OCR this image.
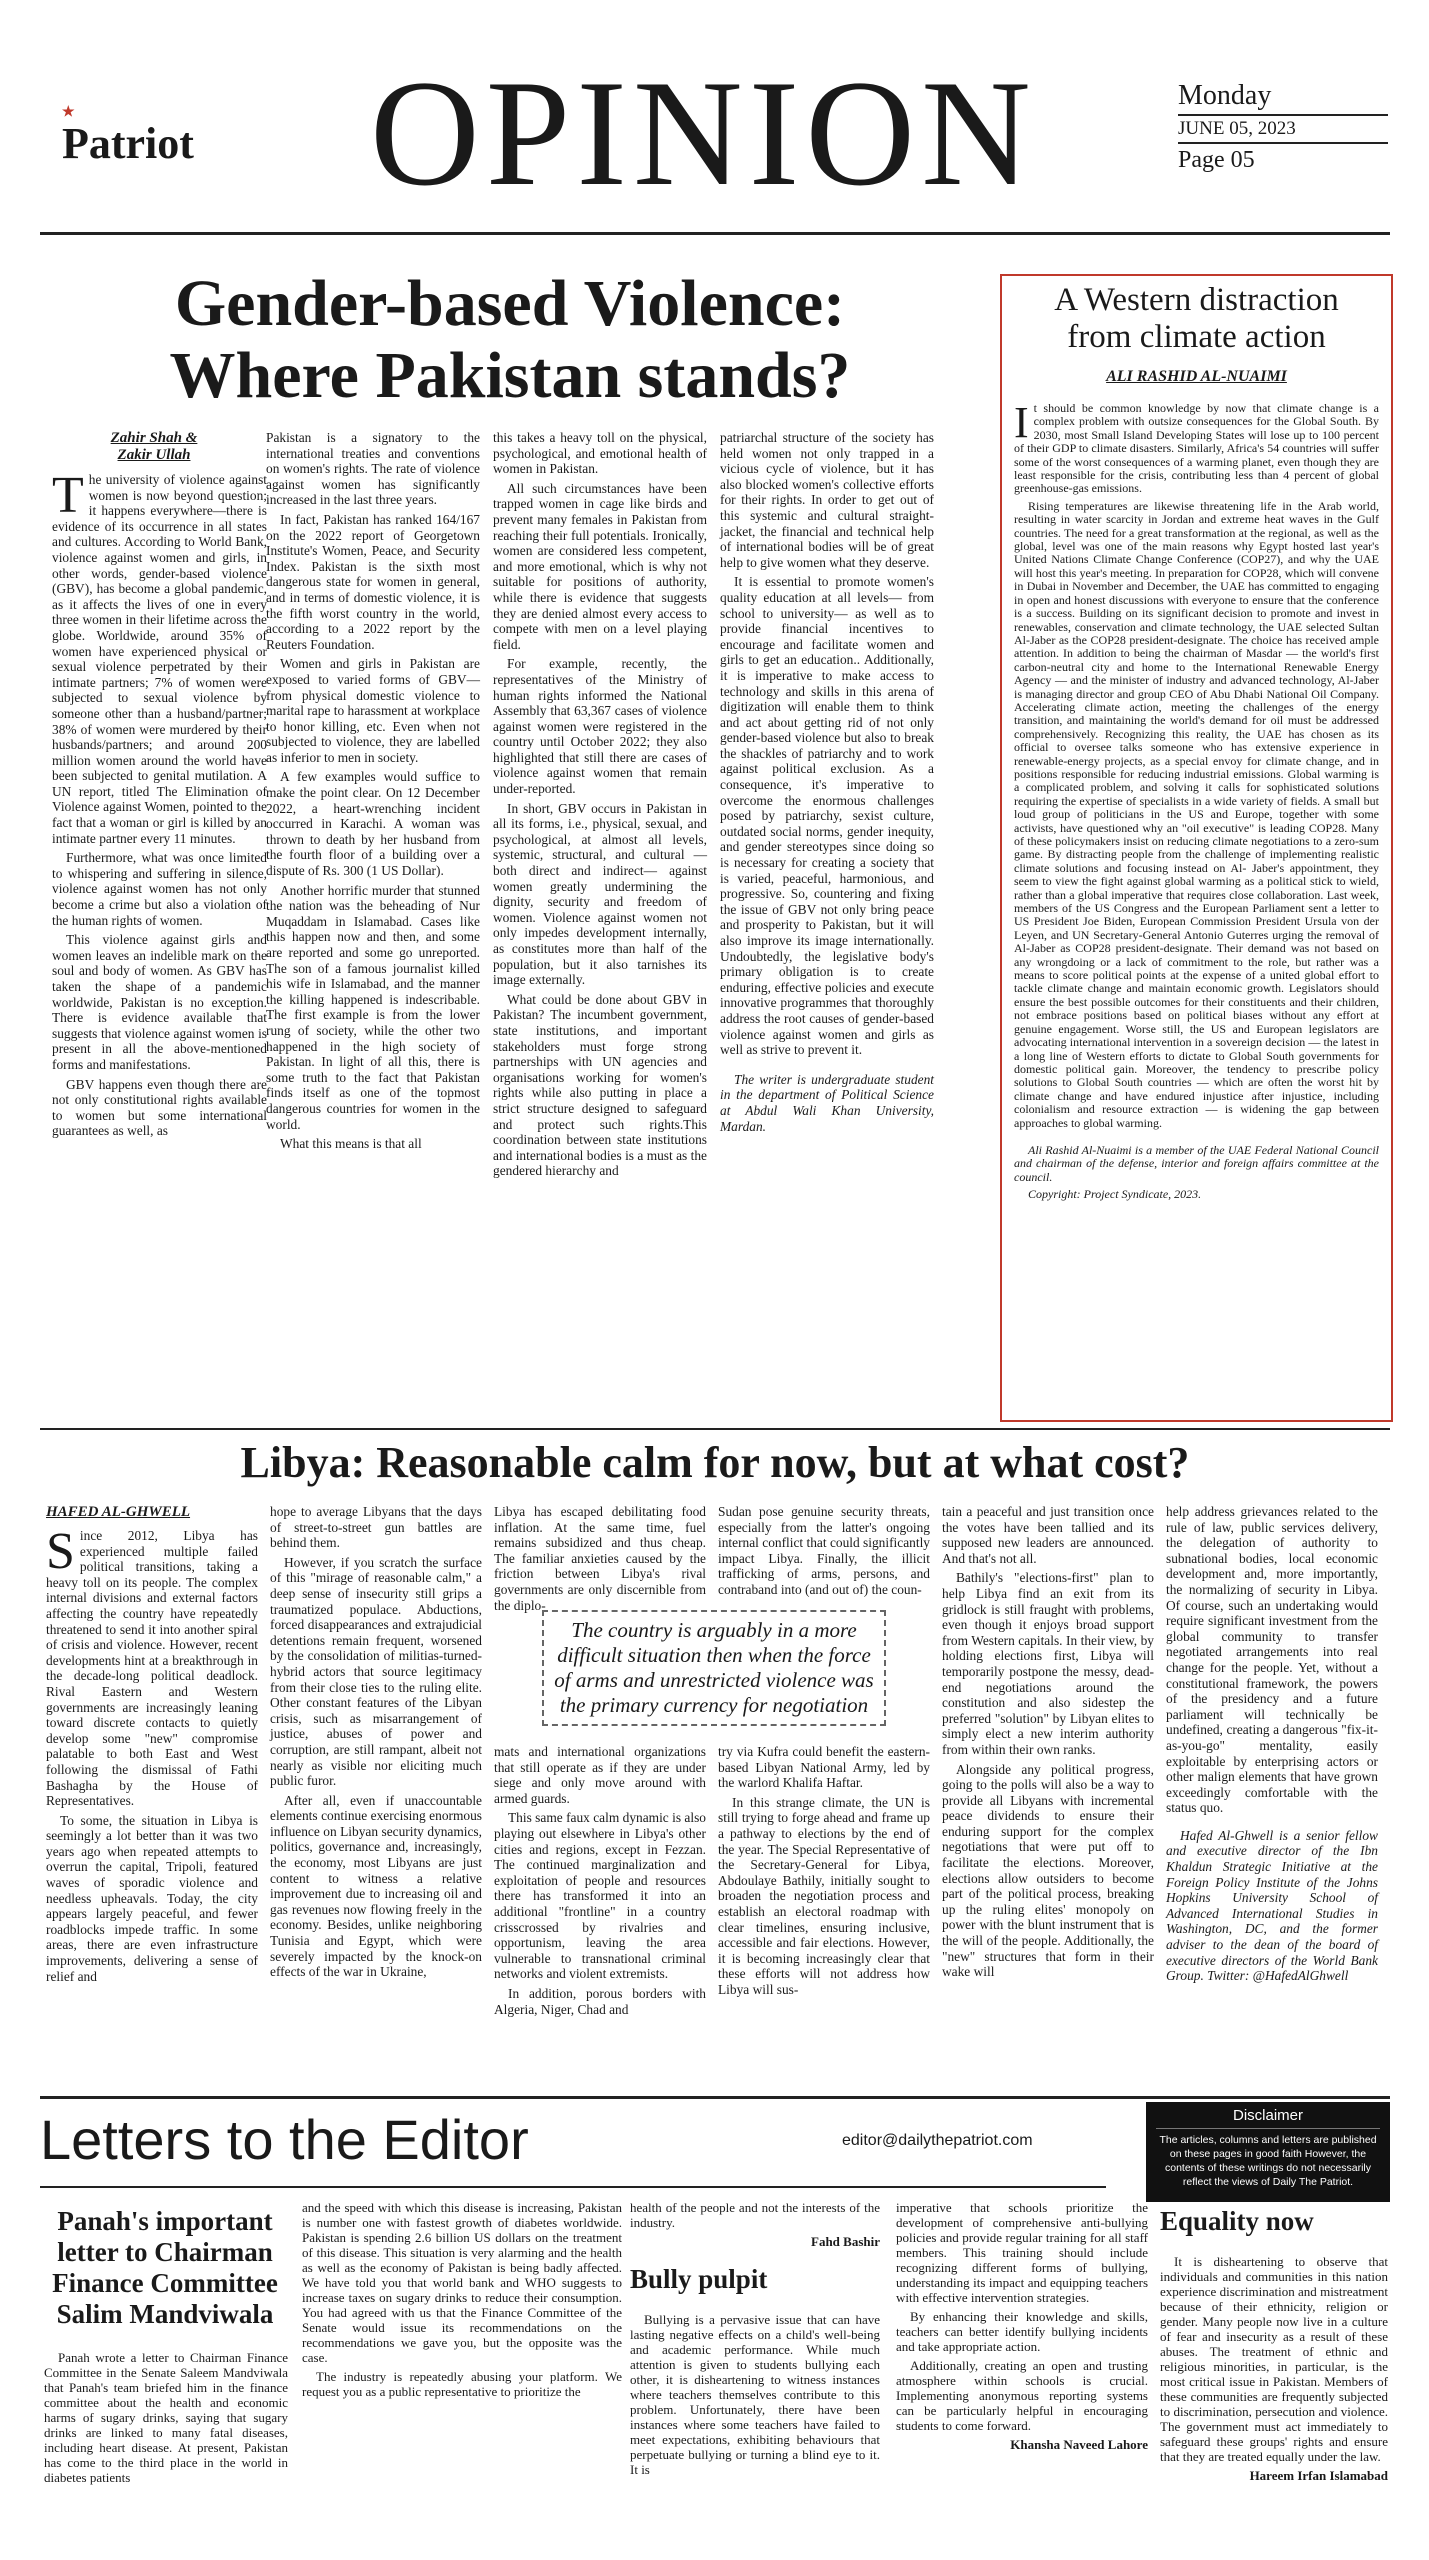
★
Patriot OPINION	Monday
JUNE 05, 2023
Page 05
Gender-based Violence:
Where Pakistan stands?
Zahir Shah &
Zakir Ullah

The university of violence against women is now beyond question; it happens everywhere—there is evidence of its occurrence in all states and cultures. According to World Bank, violence against women and girls, in other words, gender-based violence (GBV), has become a global pandemic, as it affects the lives of one in every three women in their lifetime across the globe. Worldwide, around 35% of women have experienced physical or sexual violence perpetrated by their intimate partners; 7% of women were subjected to sexual violence by someone other than a husband/partner; 38% of women were murdered by their husbands/partners; and around 200 million women around the world have been subjected to genital mutilation. A UN report, titled The Elimination of Violence against Women, pointed to the fact that a woman or girl is killed by an intimate partner every 11 minutes.

Furthermore, what was once limited to whispering and suffering in silence, violence against women has not only become a crime but also a violation of the human rights of women.

This violence against girls and women leaves an indelible mark on the soul and body of women. As GBV has taken the shape of a pandemic worldwide, Pakistan is no exception. There is evidence available that suggests that violence against women is present in all the above-mentioned forms and manifestations.

GBV happens even though there are not only constitutional rights available to women but some international guarantees as well, as

Pakistan is a signatory to the international treaties and conventions on women's rights. The rate of violence against women has significantly increased in the last three years.

In fact, Pakistan has ranked 164/167 on the 2022 report of Georgetown Institute's Women, Peace, and Security Index. Pakistan is the sixth most dangerous state for women in general, and in terms of domestic violence, it is the fifth worst country in the world, according to a 2022 report by the Reuters Foundation.

Women and girls in Pakistan are exposed to varied forms of GBV— from physical domestic violence to marital rape to harassment at workplace to honor killing, etc. Even when not subjected to violence, they are labelled as inferior to men in society.

A few examples would suffice to make the point clear. On 12 December 2022, a heart-wrenching incident occurred in Karachi. A woman was thrown to death by her husband from the fourth floor of a building over a dispute of Rs. 300 (1 US Dollar).

Another horrific murder that stunned the nation was the beheading of Nur Muqaddam in Islamabad. Cases like this happen now and then, and some are reported and some go unreported. The son of a famous journalist killed his wife in Islamabad, and the manner the killing happened is indescribable. The first example is from the lower rung of society, while the other two happened in the high society of Pakistan. In light of all this, there is some truth to the fact that Pakistan finds itself as one of the topmost dangerous countries for women in the world.

What this means is that all

this takes a heavy toll on the physical, psychological, and emotional health of women in Pakistan.

All such circumstances have been trapped women in cage like birds and prevent many females in Pakistan from reaching their full potentials. Ironically, women are considered less competent, and more emotional, which is why not suitable for positions of authority, while there is evidence that suggests they are denied almost every access to compete with men on a level playing field.

For example, recently, the representatives of the Ministry of human rights informed the National Assembly that 63,367 cases of violence against women were registered in the country until October 2022; they also highlighted that still there are cases of violence against women that remain under-reported.

In short, GBV occurs in Pakistan in all its forms, i.e., physical, sexual, and psychological, at almost all levels, systemic, structural, and cultural —both direct and indirect— against women greatly undermining the dignity, security and freedom of women. Violence against women not only impedes development internally, as constitutes more than half of the population, but it also tarnishes its image externally.

What could be done about GBV in Pakistan? The incumbent government, state institutions, and important stakeholders must forge strong partnerships with UN agencies and organisations working for women's rights while also putting in place a strict structure designed to safeguard and protect such rights.This coordination between state institutions and international bodies is a must as the gendered hierarchy and

patriarchal structure of the society has held women not only trapped in a vicious cycle of violence, but it has also blocked women's collective efforts for their rights. In order to get out of this systemic and cultural straight-jacket, the financial and technical help of international bodies will be of great help to give women what they deserve.

It is essential to promote women's quality education at all levels— from school to university— as well as to provide financial incentives to encourage and facilitate women and girls to get an education.. Additionally, it is imperative to make access to technology and skills in this arena of digitization will enable them to think and act about getting rid of not only gender-based violence but also to break the shackles of patriarchy and to work against political exclusion. As a consequence, it's imperative to overcome the enormous challenges posed by patriarchy, sexist culture, outdated social norms, gender inequity, and gender stereotypes since doing so is necessary for creating a society that is varied, peaceful, harmonious, and progressive. So, countering and fixing the issue of GBV not only bring peace and prosperity to Pakistan, but it will also improve its image internationally. Undoubtedly, the legislative body's primary obligation is to create enduring, effective policies and execute innovative programmes that thoroughly address the root causes of gender-based violence against women and girls as well as strive to prevent it.

The writer is undergraduate student in the department of Political Science at Abdul Wali Khan University, Mardan.

A Western distraction
from climate action
ALI RASHID AL-NUAIMI

It should be common knowledge by now that climate change is a complex problem with outsize consequences for the Global South. By 2030, most Small Island Developing States will lose up to 100 percent of their GDP to climate disasters. Similarly, Africa's 54 countries will suffer some of the worst consequences of a warming planet, even though they are least responsible for the crisis, contributing less than 4 percent of global greenhouse-gas emissions.

Rising temperatures are likewise threatening life in the Arab world, resulting in water scarcity in Jordan and extreme heat waves in the Gulf countries. The need for a great transformation at the regional, as well as the global, level was one of the main reasons why Egypt hosted last year's United Nations Climate Change Conference (COP27), and why the UAE will host this year's meeting. In preparation for COP28, which will convene in Dubai in November and December, the UAE has committed to engaging in open and honest discussions with everyone to ensure that the conference is a success. Building on its significant decision to promote and invest in renewables, conservation and climate technology, the UAE selected Sultan Al-Jaber as the COP28 president-designate. The choice has received ample attention. In addition to being the chairman of Masdar — the world's first carbon-neutral city and home to the International Renewable Energy Agency — and the minister of industry and advanced technology, Al-Jaber is managing director and group CEO of Abu Dhabi National Oil Company. Accelerating climate action, meeting the challenges of the energy transition, and maintaining the world's demand for oil must be addressed comprehensively. Recognizing this reality, the UAE has chosen as its official to oversee talks someone who has extensive experience in renewable-energy projects, as a special envoy for climate change, and in positions responsible for reducing industrial emissions. Global warming is a complicated problem, and solving it calls for sophisticated solutions requiring the expertise of specialists in a wide variety of fields. A small but loud group of politicians in the US and Europe, together with some activists, have questioned why an "oil executive" is leading COP28. Many of these policymakers insist on reducing climate negotiations to a zero-sum game. By distracting people from the challenge of implementing realistic climate solutions and focusing instead on Al- Jaber's appointment, they seem to view the fight against global warming as a political stick to wield, rather than a global imperative that requires close collaboration. Last week, members of the US Congress and the European Parliament sent a letter to US President Joe Biden, European Commission President Ursula von der Leyen, and UN Secretary-General Antonio Guterres urging the removal of Al-Jaber as COP28 president-designate. Their demand was not based on any wrongdoing or a lack of commitment to the role, but rather was a means to score political points at the expense of a united global effort to tackle climate change and maintain economic growth. Legislators should ensure the best possible outcomes for their constituents and their children, not embrace positions based on political biases without any effort at genuine engagement. Worse still, the US and European legislators are advocating international intervention in a sovereign decision — the latest in a long line of Western efforts to dictate to Global South governments for domestic political gain. Moreover, the tendency to prescribe policy solutions to Global South countries — which are often the worst hit by climate change and have endured injustice after injustice, including colonialism and resource extraction — is widening the gap between approaches to global warming.

Ali Rashid Al-Nuaimi is a member of the UAE Federal National Council and chairman of the defense, interior and foreign affairs committee at the council.

Copyright: Project Syndicate, 2023.

Libya: Reasonable calm for now, but at what cost?
HAFED AL-GHWELL

Since 2012, Libya has experienced multiple failed political transitions, taking a heavy toll on its people. The complex internal divisions and external factors affecting the country have repeatedly threatened to send it into another spiral of crisis and violence. However, recent developments hint at a breakthrough in the decade-long political deadlock. Rival Eastern and Western governments are increasingly leaning toward discrete contacts to quietly develop some "new" compromise palatable to both East and West following the dismissal of Fathi Bashagha by the House of Representatives.

To some, the situation in Libya is seemingly a lot better than it was two years ago when repeated attempts to overrun the capital, Tripoli, featured waves of sporadic violence and needless upheavals. Today, the city appears largely peaceful, and fewer roadblocks impede traffic. In some areas, there are even infrastructure improvements, delivering a sense of relief and

hope to average Libyans that the days of street-to-street gun battles are behind them.

However, if you scratch the surface of this "mirage of reasonable calm," a deep sense of insecurity still grips a traumatized populace. Abductions, forced disappearances and extrajudicial detentions remain frequent, worsened by the consolidation of militias-turned-hybrid actors that source legitimacy from their close ties to the ruling elite. Other constant features of the Libyan crisis, such as misarrangement of justice, abuses of power and corruption, are still rampant, albeit not nearly as visible nor eliciting much public furor.

After all, even if unaccountable elements continue exercising enormous influence on Libyan security dynamics, politics, governance and, increasingly, the economy, most Libyans are just content to witness a relative improvement due to increasing oil and gas revenues now flowing freely in the economy. Besides, unlike neighboring Tunisia and Egypt, which were severely impacted by the knock-on effects of the war in Ukraine,

Libya has escaped debilitating food inflation. At the same time, fuel remains subsidized and thus cheap. The familiar anxieties caused by the friction between Libya's rival governments are only discernible from the diplo-

Sudan pose genuine security threats, especially from the latter's ongoing internal conflict that could significantly impact Libya. Finally, the illicit trafficking of arms, persons, and contraband into (and out of) the coun-

The country is arguably in a more difficult situation then when the force of arms and unrestricted violence was the primary currency for negotiation

mats and international organizations that still operate as if they are under siege and only move around with armed guards.

This same faux calm dynamic is also playing out elsewhere in Libya's other cities and regions, except in Fezzan. The continued marginalization and exploitation of people and resources there has transformed it into an additional "frontline" in a country crisscrossed by rivalries and opportunism, leaving the area vulnerable to transnational criminal networks and violent extremists.

In addition, porous borders with Algeria, Niger, Chad and

try via Kufra could benefit the eastern-based Libyan National Army, led by the warlord Khalifa Haftar.

In this strange climate, the UN is still trying to forge ahead and frame up a pathway to elections by the end of the year. The Special Representative of the Secretary-General for Libya, Abdoulaye Bathily, initially sought to broaden the negotiation process and establish an electoral roadmap with clear timelines, ensuring inclusive, accessible and fair elections. However, it is becoming increasingly clear that these efforts will not address how Libya will sus-

tain a peaceful and just transition once the votes have been tallied and its supposed new leaders are announced. And that's not all.

Bathily's "elections-first" plan to help Libya find an exit from its gridlock is still fraught with problems, even though it enjoys broad support from Western capitals. In their view, by holding elections first, Libya will temporarily postpone the messy, dead-end negotiations around the constitution and also sidestep the preferred "solution" by Libyan elites to simply elect a new interim authority from within their own ranks.

Alongside any political progress, going to the polls will also be a way to provide all Libyans with incremental peace dividends to ensure their enduring support for the complex negotiations that were put off to facilitate the elections. Moreover, elections allow outsiders to become part of the political process, breaking up the ruling elites' monopoly on power with the blunt instrument that is the will of the people. Additionally, the "new" structures that form in their wake will

help address grievances related to the rule of law, public services delivery, the delegation of authority to subnational bodies, local economic development and, more importantly, the normalizing of security in Libya. Of course, such an undertaking would require significant investment from the global community to transfer negotiated arrangements into real change for the people. Yet, without a constitutional framework, the powers of the presidency and a future parliament will technically be undefined, creating a dangerous "fix-it-as-you-go" mentality, easily exploitable by enterprising actors or other malign elements that have grown exceedingly comfortable with the status quo.

Hafed Al-Ghwell is a senior fellow and executive director of the Ibn Khaldun Strategic Initiative at the Foreign Policy Institute of the Johns Hopkins University School of Advanced International Studies in Washington, DC, and the former adviser to the dean of the board of executive directors of the World Bank Group. Twitter: @HafedAlGhwell

Letters to the Editor	editor@dailythepatriot.com
Disclaimer
The articles, columns and letters are published on these pages in good faith However, the contents of these writings do not necessarily reflect the views of Daily The Patriot.
Panah's important
letter to Chairman
Finance Committee
Salim Mandviwala

Panah wrote a letter to Chairman Finance Committee in the Senate Saleem Mandviwala that Panah's team briefed him in the finance committee about the health and economic harms of sugary drinks, saying that sugary drinks are linked to many fatal diseases, including heart disease. At present, Pakistan has come to the third place in the world in diabetes patients

and the speed with which this disease is increasing, Pakistan is number one with fastest growth of diabetes worldwide. Pakistan is spending 2.6 billion US dollars on the treatment of this disease. This situation is very alarming and the health as well as the economy of Pakistan is being badly affected. We have told you that world bank and WHO suggests to increase taxes on sugary drinks to reduce their consumption. You had agreed with us that the Finance Committee of the Senate would issue its recommendations on the recommendations we gave you, but the opposite was the case.

The industry is repeatedly abusing your platform. We request you as a public representative to prioritize the

health of the people and not the interests of the industry.

Fahd Bashir

Bully pulpit

Bullying is a pervasive issue that can have lasting negative effects on a child's well-being and academic performance. While much attention is given to students bullying each other, it is disheartening to witness instances where teachers themselves contribute to this problem. Unfortunately, there have been instances where some teachers have failed to meet expectations, exhibiting behaviours that perpetuate bullying or turning a blind eye to it. It is

imperative that schools prioritize the development of comprehensive anti-bullying policies and provide regular training for all staff members. This training should include recognizing different forms of bullying, understanding its impact and equipping teachers with effective intervention strategies.

By enhancing their knowledge and skills, teachers can better identify bullying incidents and take appropriate action.

Additionally, creating an open and trusting atmosphere within schools is crucial. Implementing anonymous reporting systems can be particularly helpful in encouraging students to come forward.

Khansha Naveed Lahore

Equality now

It is disheartening to observe that individuals and communities in this nation experience discrimination and mistreatment because of their ethnicity, religion or gender. Many people now live in a culture of fear and insecurity as a result of these abuses. The treatment of ethnic and religious minorities, in particular, is the most critical issue in Pakistan. Members of these communities are frequently subjected to discrimination, persecution and violence. The government must act immediately to safeguard these groups' rights and ensure that they are treated equally under the law.

Hareem Irfan Islamabad
